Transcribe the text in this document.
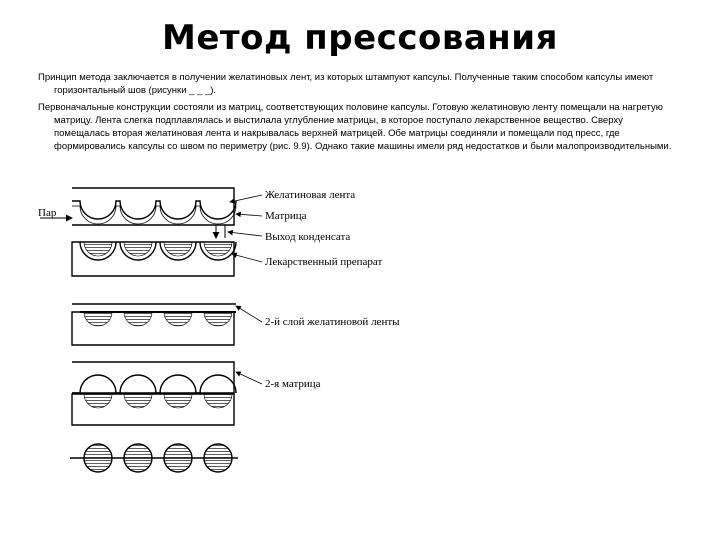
Метод прессования

Принцип метода заключается в получении желатиновых лент, из которых штампуют капсулы. Полученные таким способом капсулы имеют горизонтальный шов (рисунки _ _ _).

Первоначальные конструкции состояли из матриц, соответствующих половине капсулы. Готовую желатиновую ленту помещали на нагретую матрицу. Лента слегка подплавлялась и выстилала углубление матрицы, в которое поступало лекарственное вещество. Сверху помещалась вторая желатиновая лента и накрывалась верхней матрицей. Обе матрицы соединяли и помещали под пресс, где формировались капсулы со швом по периметру (рис. 9.9). Однако такие машины имели ряд недостатков и были малопроизводительными.

Пар
Желатиновая лента
Матрица
Выход конденсата
Лекарственный препарат
2-й слой желатиновой ленты
2-я матрица
